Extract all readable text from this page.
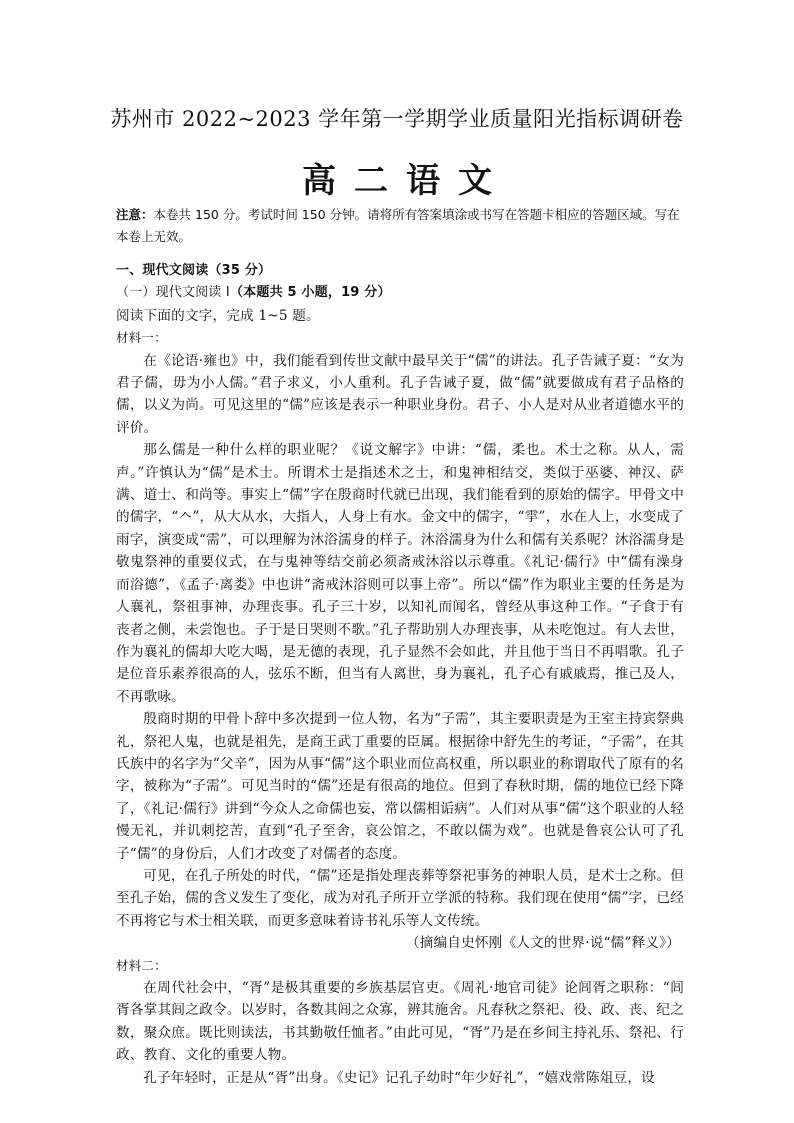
苏州市 2022~2023 学年第一学期学业质量阳光指标调研卷
高二语文
注意：本卷共 150 分。考试时间 150 分钟。请将所有答案填涂或书写在答题卡相应的答题区域。写在本卷上无效。

一、现代文阅读（35 分）

（一）现代文阅读 I（本题共 5 小题，19 分）

阅读下面的文字，完成 1~5 题。

材料一：

在《论语·雍也》中，我们能看到传世文献中最早关于“儒”的讲法。孔子告诫子夏：“女为君子儒，毋为小人儒。”君子求义，小人重利。孔子告诫子夏，做“儒”就要做成有君子品格的儒，以义为尚。可见这里的“儒”应该是表示一种职业身份。君子、小人是对从业者道德水平的评价。

那么儒是一种什么样的职业呢？《说文解字》中讲：“儒，柔也。术士之称。从人，需声。”许慎认为“儒”是术士。所谓术士是指述术之士，和鬼神相结交，类似于巫婆、神汉、萨满、道士、和尚等。事实上“儒”字在殷商时代就已出现，我们能看到的原始的儒字。甲骨文中的儒字，“𠆢”，从大从水，大指人，人身上有水。金文中的儒字，“𩁹”，水在人上，水变成了雨字，演变成“需”，可以理解为沐浴濡身的样子。沐浴濡身为什么和儒有关系呢？沐浴濡身是敬鬼祭神的重要仪式，在与鬼神等结交前必须斋戒沐浴以示尊重。《礼记·儒行》中“儒有澡身而浴德”，《孟子·离娄》中也讲“斋戒沐浴则可以事上帝”。所以“儒”作为职业主要的任务是为人襄礼，祭祖事神，办理丧事。孔子三十岁，以知礼而闻名，曾经从事这种工作。“子食于有丧者之侧，未尝饱也。子于是日哭则不歌。”孔子帮助别人办理丧事，从未吃饱过。有人去世，作为襄礼的儒却大吃大喝，是无德的表现，孔子显然不会如此，并且他于当日不再唱歌。孔子是位音乐素养很高的人，弦乐不断，但当有人离世，身为襄礼，孔子心有戚戚焉，推己及人，不再歌咏。

殷商时期的甲骨卜辞中多次提到一位人物，名为“子需”，其主要职责是为王室主持宾祭典礼，祭祀人鬼，也就是祖先，是商王武丁重要的臣属。根据徐中舒先生的考证，“子需”，在其氏族中的名字为“父辛”，因为从事“儒”这个职业而位高权重，所以职业的称谓取代了原有的名字，被称为“子需”。可见当时的“儒”还是有很高的地位。但到了春秋时期，儒的地位已经下降了，《礼记·儒行》讲到“今众人之命儒也妄，常以儒相诟病”。人们对从事“儒”这个职业的人轻慢无礼，并讥刺挖苦，直到“孔子至舍，哀公馆之，不敢以儒为戏”。也就是鲁哀公认可了孔子“儒”的身份后，人们才改变了对儒者的态度。

可见，在孔子所处的时代，“儒”还是指处理丧葬等祭祀事务的神职人员，是术士之称。但至孔子始，儒的含义发生了变化，成为对孔子所开立学派的特称。我们现在使用“儒”字，已经不再将它与术士相关联，而更多意味着诗书礼乐等人文传统。

（摘编自史怀刚《人文的世界·说“儒”释义》）

材料二：

在周代社会中，“胥”是极其重要的乡族基层官吏。《周礼·地官司徒》论闾胥之职称：“闾胥各掌其闾之政令。以岁时，各数其闾之众寡，辨其施舍。凡春秋之祭祀、役、政、丧、纪之数，聚众庶。既比则读法，书其勤敬任恤者。”由此可见，“胥”乃是在乡间主持礼乐、祭祀、行政、教育、文化的重要人物。

孔子年轻时，正是从“胥”出身。《史记》记孔子幼时“年少好礼”，“嬉戏常陈俎豆，设
